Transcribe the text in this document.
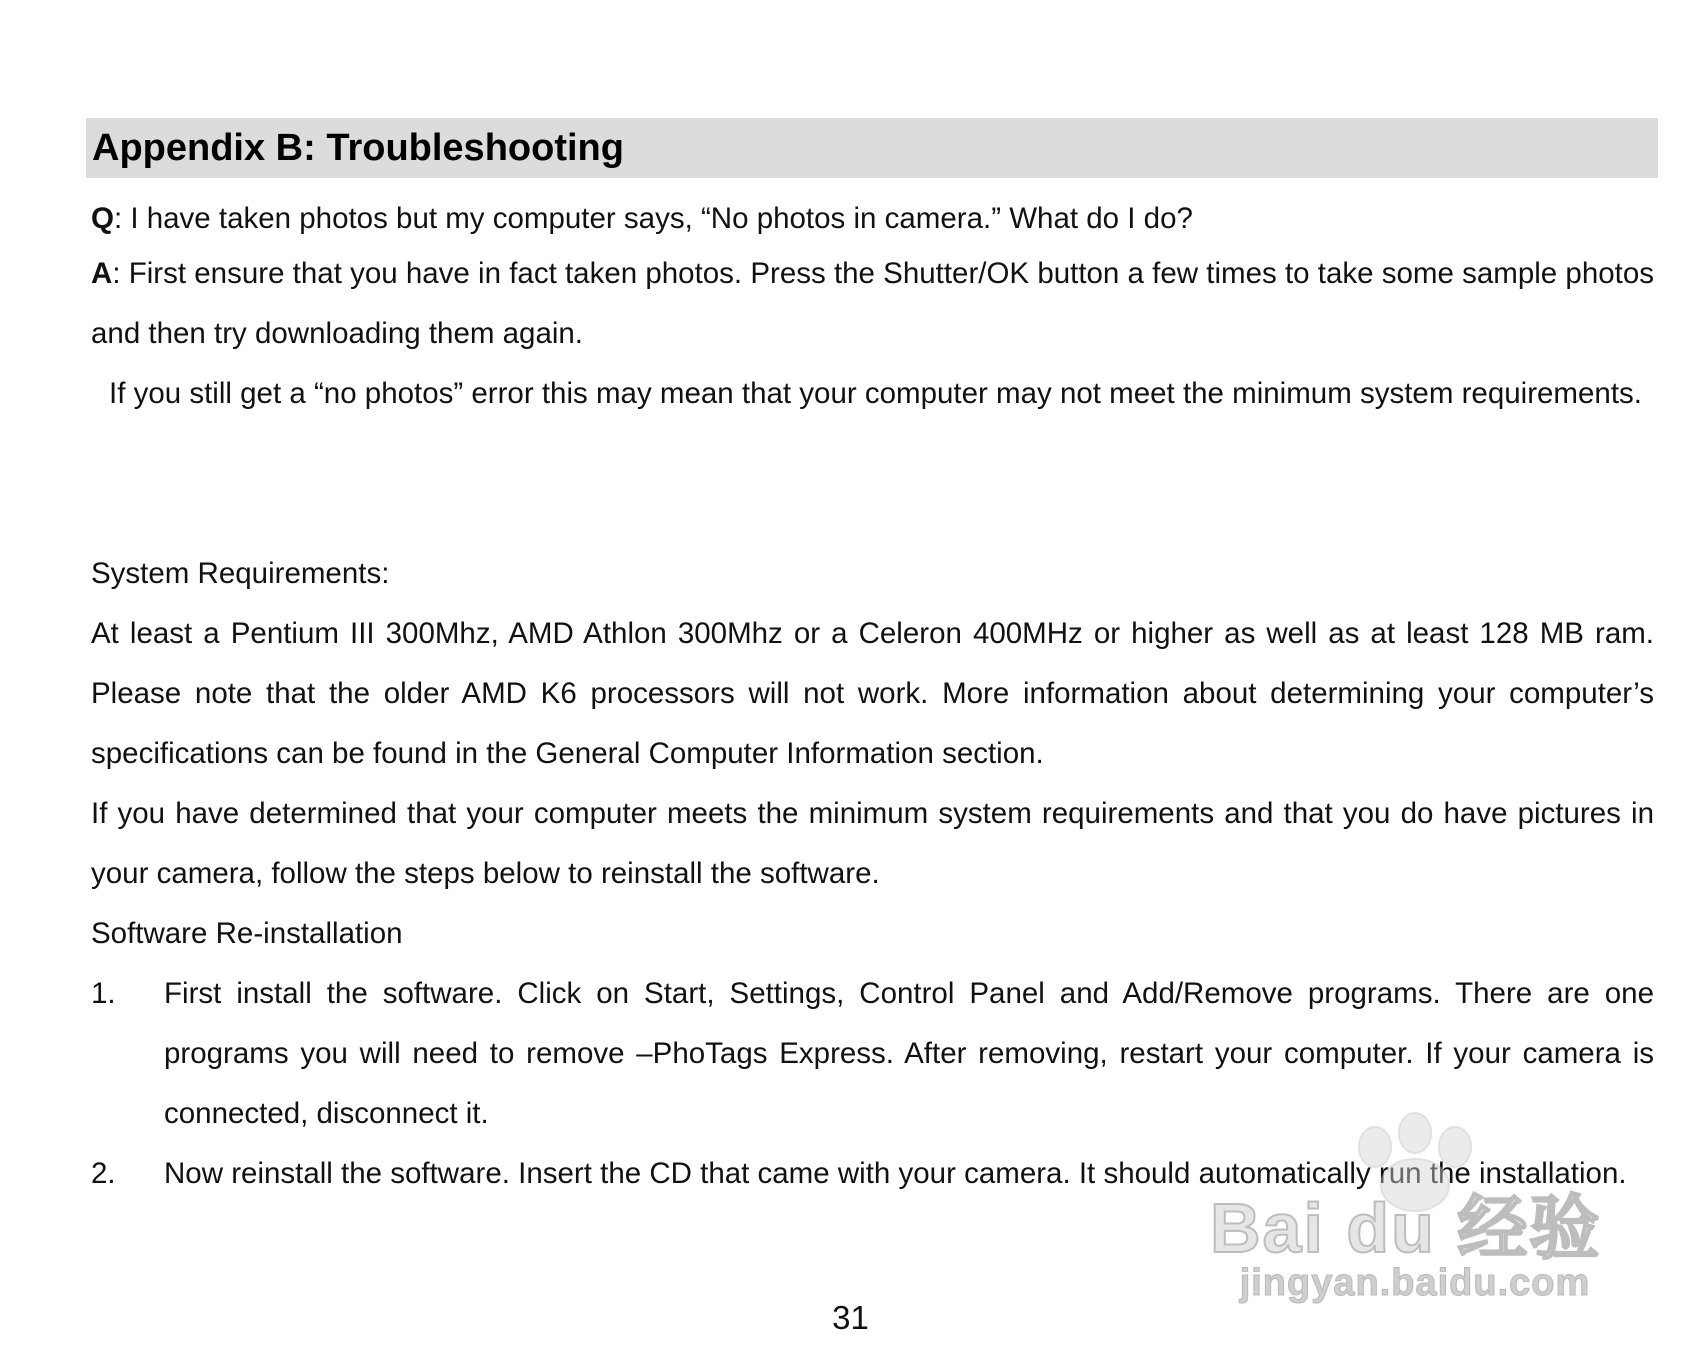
Appendix B: Troubleshooting

Q: I have taken photos but my computer says, “No photos in camera.” What do I do?

A: First ensure that you have in fact taken photos. Press the Shutter/OK button a few times to take some sample photos and then try downloading them again.

If you still get a “no photos” error this may mean that your computer may not meet the minimum system requirements.

System Requirements:

At least a Pentium III 300Mhz, AMD Athlon 300Mhz or a Celeron 400MHz or higher as well as at least 128 MB ram. Please note that the older AMD K6 processors will not work. More information about determining your computer’s specifications can be found in the General Computer Information section.

If you have determined that your computer meets the minimum system requirements and that you do have pictures in your camera, follow the steps below to reinstall the software.

Software Re-installation

1.	First install the software. Click on Start, Settings, Control Panel and Add/Remove programs. There are one programs you will need to remove –PhoTags Express. After removing, restart your computer. If your camera is connected, disconnect it.
2.	Now reinstall the software. Insert the CD that came with your camera. It should automatically run the installation.
Bai du 经验
jingyan.baidu.com
31
